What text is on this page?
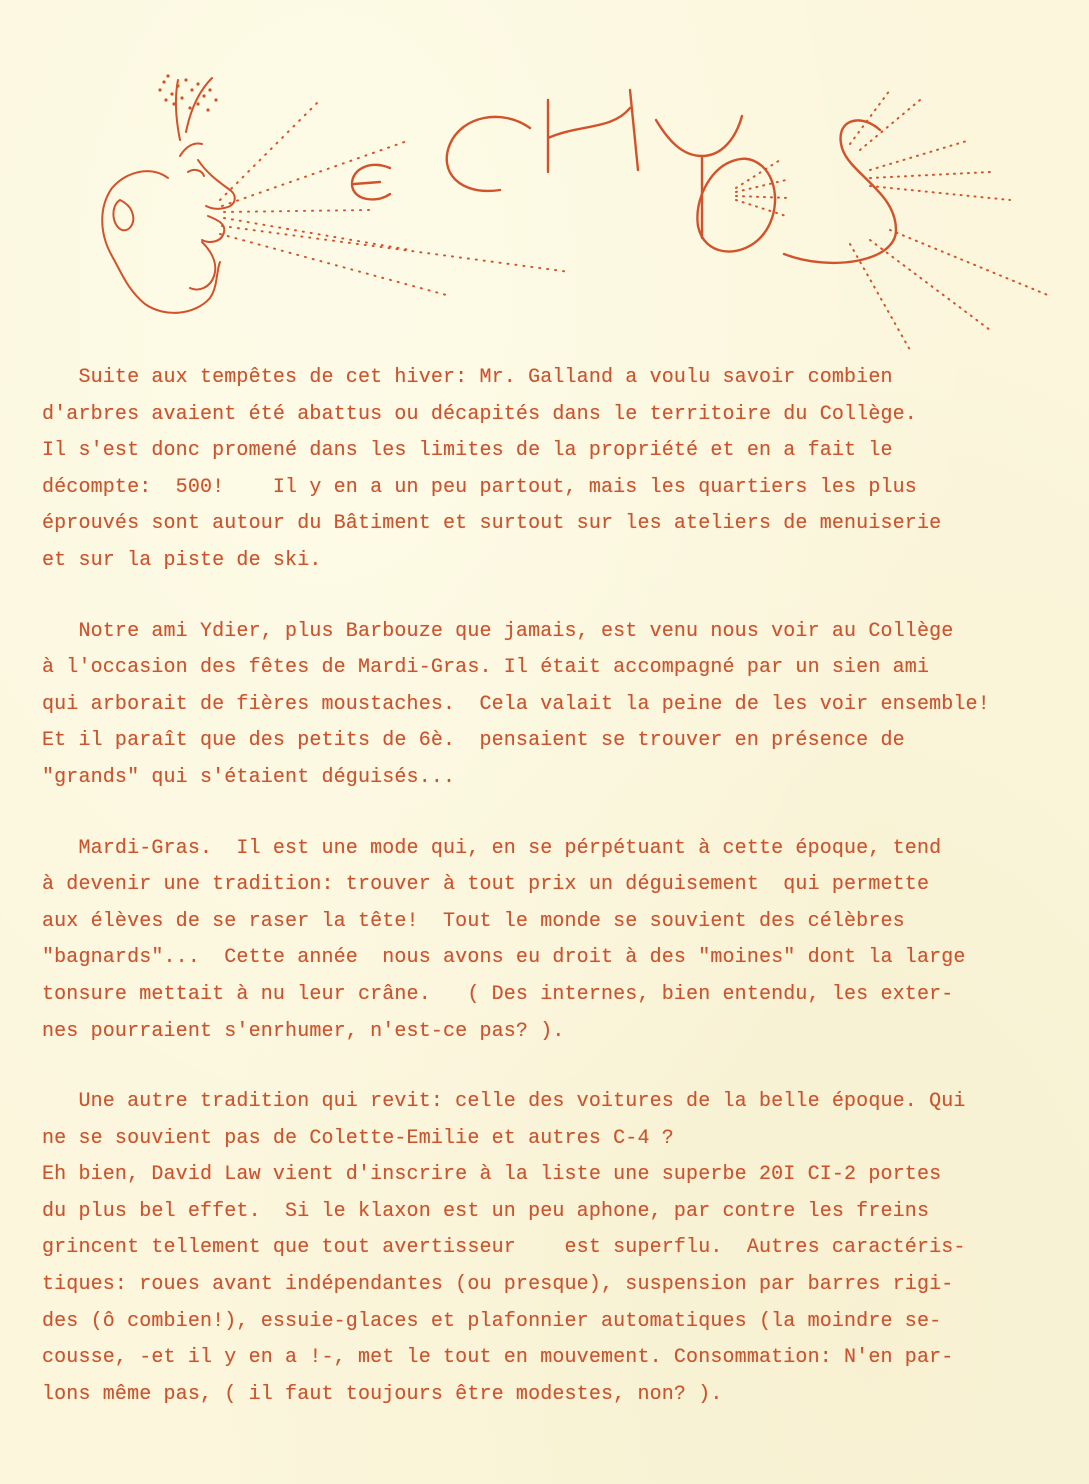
Suite aux tempêtes de cet hiver: Mr. Galland a voulu savoir combien
d'arbres avaient été abattus ou décapités dans le territoire du Collège.
Il s'est donc promené dans les limites de la propriété et en a fait le
décompte:  500!    Il y en a un peu partout, mais les quartiers les plus
éprouvés sont autour du Bâtiment et surtout sur les ateliers de menuiserie
et sur la piste de ski.
Notre ami Ydier, plus Barbouze que jamais, est venu nous voir au Collège
à l'occasion des fêtes de Mardi-Gras. Il était accompagné par un sien ami
qui arborait de fières moustaches.  Cela valait la peine de les voir ensemble!
Et il paraît que des petits de 6è.  pensaient se trouver en présence de
"grands" qui s'étaient déguisés...
Mardi-Gras.  Il est une mode qui, en se pérpétuant à cette époque, tend
à devenir une tradition: trouver à tout prix un déguisement  qui permette
aux élèves de se raser la tête!  Tout le monde se souvient des célèbres
"bagnards"...  Cette année  nous avons eu droit à des "moines" dont la large
tonsure mettait à nu leur crâne.   ( Des internes, bien entendu, les exter-
nes pourraient s'enrhumer, n'est-ce pas? ).
Une autre tradition qui revit: celle des voitures de la belle époque. Qui
ne se souvient pas de Colette-Emilie et autres C-4 ?
Eh bien, David Law vient d'inscrire à la liste une superbe 20I CI-2 portes
du plus bel effet.  Si le klaxon est un peu aphone, par contre les freins
grincent tellement que tout avertisseur    est superflu.  Autres caractéris-
tiques: roues avant indépendantes (ou presque), suspension par barres rigi-
des (ô combien!), essuie-glaces et plafonnier automatiques (la moindre se-
cousse, -et il y en a !-, met le tout en mouvement. Consommation: N'en par-
lons même pas, ( il faut toujours être modestes, non? ).
